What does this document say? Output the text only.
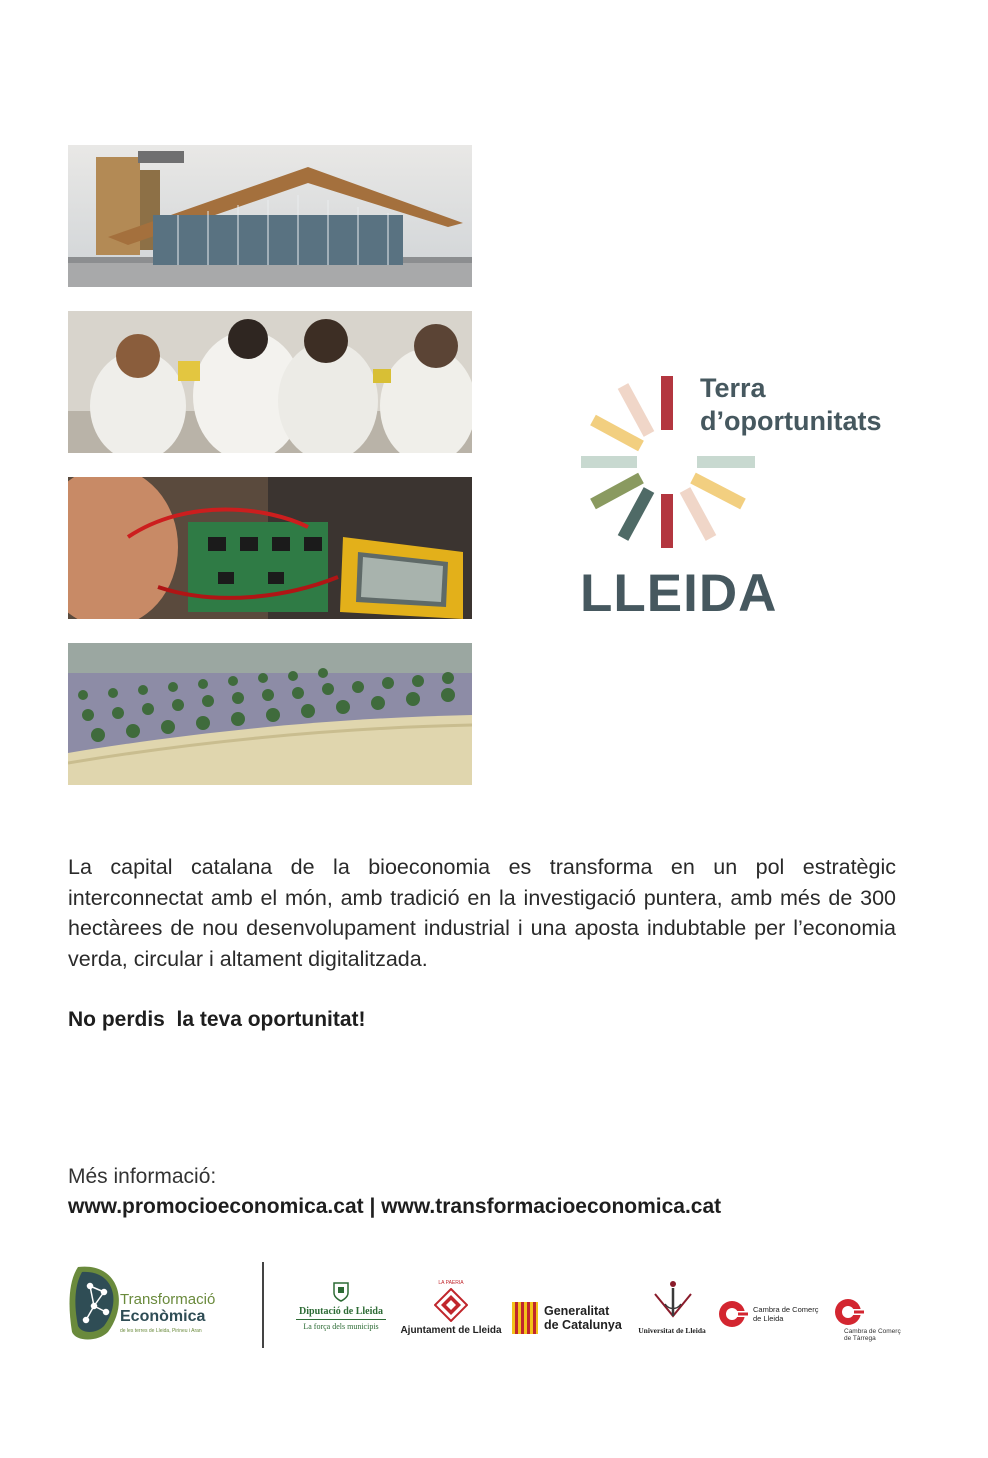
Terra
d’oportunitats

LLEIDA

La capital catalana de la bioeconomia es transforma en un pol estratègic interconnectat amb el món, amb tradició en la investigació puntera, amb més de 300 hectàrees de nou desenvolupament industrial i una aposta indubtable per l’economia verda, circular i altament digitalitzada.

No perdis  la teva oportunitat!

Més informació:

www.promocioeconomica.cat | www.transformacioeconomica.cat

Transformació
Econòmica
de les terres de Lleida, Pirineu i Aran
Diputació de Lleida
La força dels municipis
LA PAERIA
Ajuntament de Lleida
Generalitat
de Catalunya	Universitat de Lleida
Cambra de Comerç
de Lleida
Cambra de Comerç
de Tàrrega
